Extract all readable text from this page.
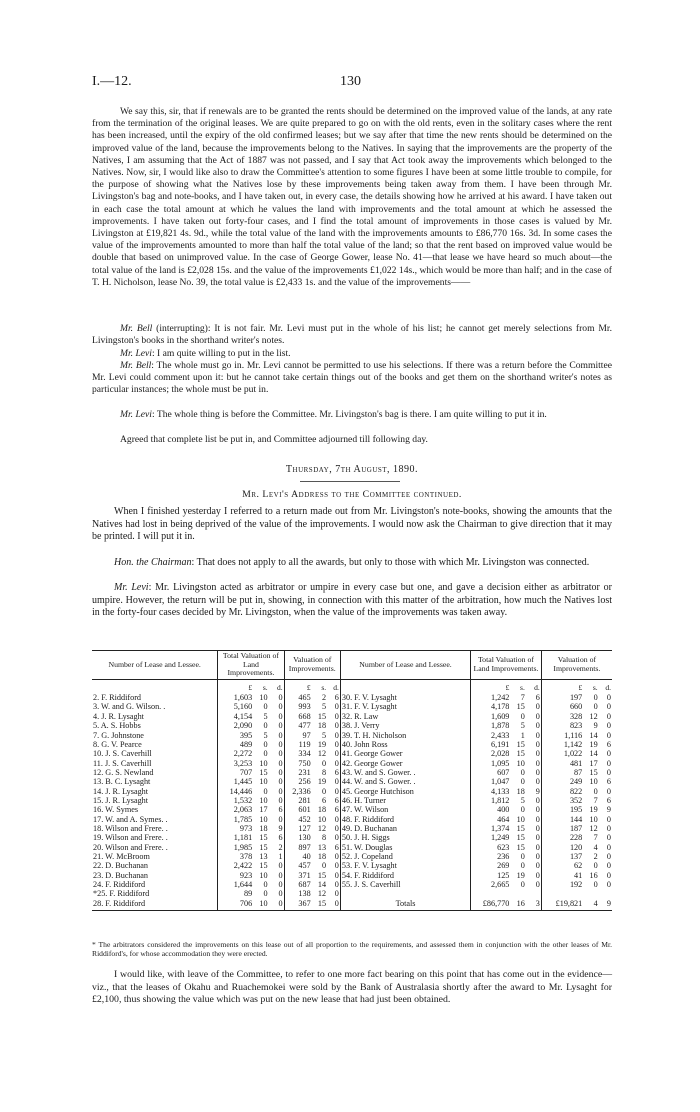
I.—12.	130

We say this, sir, that if renewals are to be granted the rents should be determined on the improved value of the lands, at any rate from the termination of the original leases. We are quite prepared to go on with the old rents, even in the solitary cases where the rent has been increased, until the expiry of the old confirmed leases; but we say after that time the new rents should be determined on the improved value of the land, because the improvements belong to the Natives. In saying that the improvements are the property of the Natives, I am assuming that the Act of 1887 was not passed, and I say that Act took away the improvements which belonged to the Natives. Now, sir, I would like also to draw the Committee's attention to some figures I have been at some little trouble to compile, for the purpose of showing what the Natives lose by these improvements being taken away from them. I have been through Mr. Livingston's bag and note-books, and I have taken out, in every case, the details showing how he arrived at his award. I have taken out in each case the total amount at which he values the land with improvements and the total amount at which he assessed the improvements. I have taken out forty-four cases, and I find the total amount of improvements in those cases is valued by Mr. Livingston at £19,821 4s. 9d., while the total value of the land with the improvements amounts to £86,770 16s. 3d. In some cases the value of the improvements amounted to more than half the total value of the land; so that the rent based on improved value would be double that based on unimproved value. In the case of George Gower, lease No. 41—that lease we have heard so much about—the total value of the land is £2,028 15s. and the value of the improvements £1,022 14s., which would be more than half; and in the case of T. H. Nicholson, lease No. 39, the total value is £2,433 1s. and the value of the improvements——

Mr. Bell (interrupting): It is not fair. Mr. Levi must put in the whole of his list; he cannot get merely selections from Mr. Livingston's books in the shorthand writer's notes.

Mr. Levi: I am quite willing to put in the list.

Mr. Bell: The whole must go in. Mr. Levi cannot be permitted to use his selections. If there was a return before the Committee Mr. Levi could comment upon it: but he cannot take certain things out of the books and get them on the shorthand writer's notes as particular instances; the whole must be put in.

Mr. Levi: The whole thing is before the Committee. Mr. Livingston's bag is there. I am quite willing to put it in.

Agreed that complete list be put in, and Committee adjourned till following day.

Thursday, 7th August, 1890.
Mr. Levi's Address to the Committee continued.

When I finished yesterday I referred to a return made out from Mr. Livingston's note-books, showing the amounts that the Natives had lost in being deprived of the value of the improvements. I would now ask the Chairman to give direction that it may be printed. I will put it in.

Hon. the Chairman: That does not apply to all the awards, but only to those with which Mr. Livingston was connected.

Mr. Levi: Mr. Livingston acted as arbitrator or umpire in every case but one, and gave a decision either as arbitrator or umpire. However, the return will be put in, showing, in connection with this matter of the arbitration, how much the Natives lost in the forty-four cases decided by Mr. Livingston, when the value of the improvements was taken away.

Number of Lease and Lessee.	Total Valuation of Land Improvements.			Valuation of Improvements.			Number of Lease and Lessee.	Total Valuation of Land Improvements.			Valuation of Improvements.		
	£	s.	d.	£	s.	d.		£	s.	d.	£	s.	d.
2. F. Riddiford	1,603	10	0	465	2	6	30. F. V. Lysaght	1,242	7	6	197	0	0
3. W. and G. Wilson. .	5,160	0	0	993	5	0	31. F. V. Lysaght	4,178	15	0	660	0	0
4. J. R. Lysaght	4,154	5	0	668	15	0	32. R. Law	1,609	0	0	328	12	0
5. A. S. Hobbs	2,090	0	0	477	18	0	38. J. Verry	1,878	5	0	823	9	0
7. G. Johnstone	395	5	0	97	5	0	39. T. H. Nicholson	2,433	1	0	1,116	14	0
8. G. V. Pearce	489	0	0	119	19	0	40. John Ross	6,191	15	0	1,142	19	6
10. J. S. Caverhill	2,272	0	0	334	12	0	41. George Gower	2,028	15	0	1,022	14	0
11. J. S. Caverhill	3,253	10	0	750	0	0	42. George Gower	1,095	10	0	481	17	0
12. G. S. Newland	707	15	0	231	8	6	43. W. and S. Gower. .	607	0	0	87	15	0
13. B. C. Lysaght	1,445	10	0	256	19	0	44. W. and S. Gower. .	1,047	0	0	249	10	6
14. J. R. Lysaght	14,446	0	0	2,336	0	0	45. George Hutchison	4,133	18	9	822	0	0
15. J. R. Lysaght	1,532	10	0	281	6	6	46. H. Turner	1,812	5	0	352	7	6
16. W. Symes	2,063	17	6	601	18	6	47. W. Wilson	400	0	0	195	19	9
17. W. and A. Symes. .	1,785	10	0	452	10	0	48. F. Riddiford	464	10	0	144	10	0
18. Wilson and Frere. .	973	18	9	127	12	0	49. D. Buchanan	1,374	15	0	187	12	0
19. Wilson and Frere. .	1,181	15	6	130	8	0	50. J. H. Siggs	1,249	15	0	228	7	0
20. Wilson and Frere. .	1,985	15	2	897	13	6	51. W. Douglas	623	15	0	120	4	0
21. W. McBroom	378	13	1	40	18	0	52. J. Copeland	236	0	0	137	2	0
22. D. Buchanan	2,422	15	0	457	0	0	53. F. V. Lysaght	269	0	0	62	0	0
23. D. Buchanan	923	10	0	371	15	0	54. F. Riddiford	125	19	0	41	16	0
24. F. Riddiford	1,644	0	0	687	14	0	55. J. S. Caverhill	2,665	0	0	192	0	0
*25. F. Riddiford	89	0	0	138	12	0							
28. F. Riddiford	706	10	0	367	15	0	Totals	£86,770	16	3	£19,821	4	9

* The arbitrators considered the improvements on this lease out of all proportion to the requirements, and assessed them in conjunction with the other leases of Mr. Riddiford's, for whose accommodation they were erected.

I would like, with leave of the Committee, to refer to one more fact bearing on this point that has come out in the evidence—viz., that the leases of Okahu and Ruachemokei were sold by the Bank of Australasia shortly after the award to Mr. Lysaght for £2,100, thus showing the value which was put on the new lease that had just been obtained.
